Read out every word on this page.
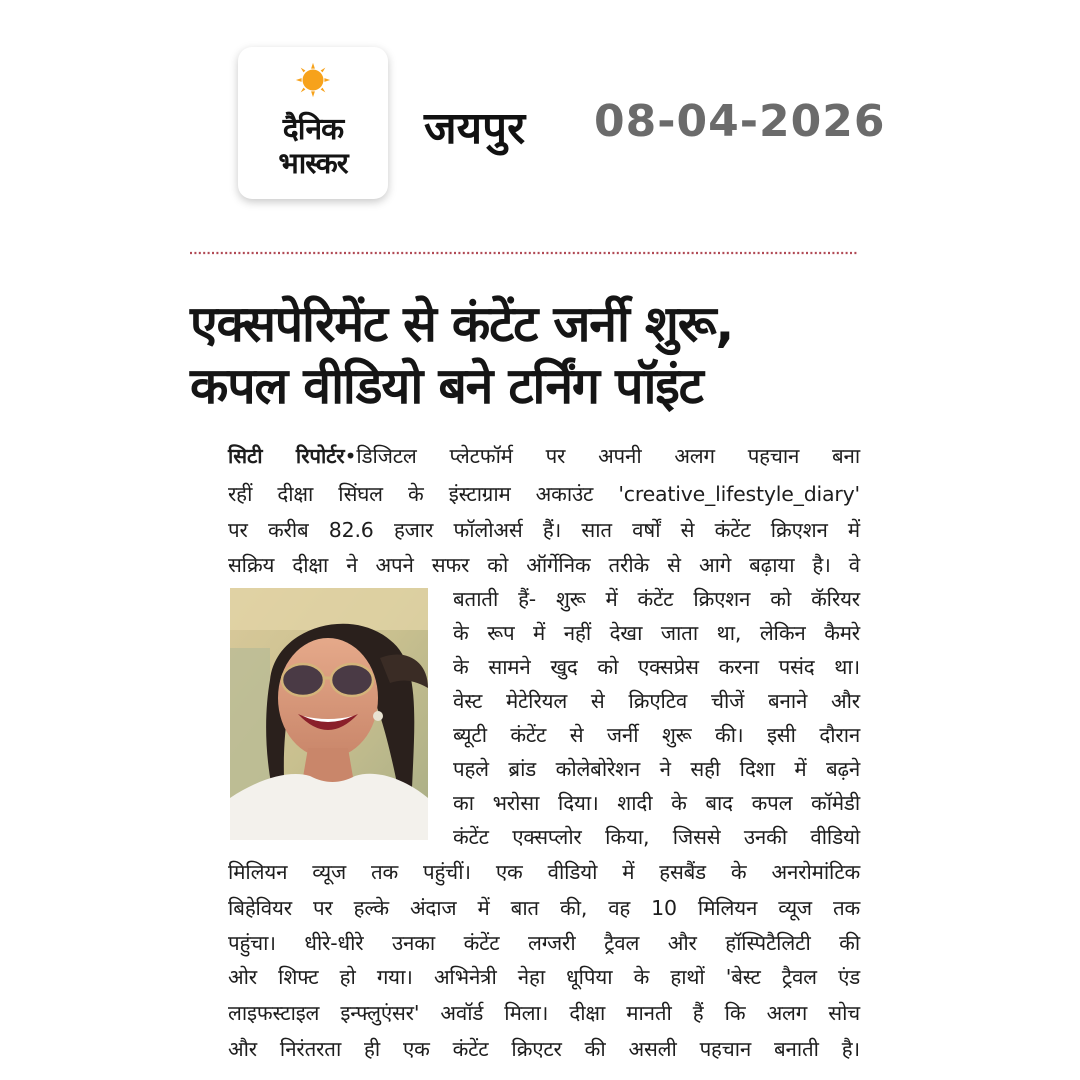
दैनिक
भास्कर
जयपुर 08-04-2026
एक्सपेरिमेंट से कंटेंट जर्नी शुरू,
कपल वीडियो बने टर्निंग पॉइंट
सिटी रिपोर्टर•डिजिटल प्लेटफॉर्म पर अपनी अलग पहचान बना
रहीं दीक्षा सिंघल के इंस्टाग्राम अकाउंट 'creative_lifestyle_diary'
पर करीब 82.6 हजार फॉलोअर्स हैं। सात वर्षों से कंटेंट क्रिएशन में
सक्रिय दीक्षा ने अपने सफर को ऑर्गेनिक तरीके से आगे बढ़ाया है। वे
बताती हैं- शुरू में कंटेंट क्रिएशन को कॅरियर
के रूप में नहीं देखा जाता था, लेकिन कैमरे
के सामने खुद को एक्सप्रेस करना पसंद था।
वेस्ट मेटेरियल से क्रिएटिव चीजें बनाने और
ब्यूटी कंटेंट से जर्नी शुरू की। इसी दौरान
पहले ब्रांड कोलेबोरेशन ने सही दिशा में बढ़ने
का भरोसा दिया। शादी के बाद कपल कॉमेडी
कंटेंट एक्सप्लोर किया, जिससे उनकी वीडियो
मिलियन व्यूज तक पहुंचीं। एक वीडियो में हसबैंड के अनरोमांटिक
बिहेवियर पर हल्के अंदाज में बात की, वह 10 मिलियन व्यूज तक
पहुंचा। धीरे-धीरे उनका कंटेंट लग्जरी ट्रैवल और हॉस्पिटैलिटी की
ओर शिफ्ट हो गया। अभिनेत्री नेहा धूपिया के हाथों 'बेस्ट ट्रैवल एंड
लाइफस्टाइल इन्फ्लुएंसर' अवॉर्ड मिला। दीक्षा मानती हैं कि अलग सोच
और निरंतरता ही एक कंटेंट क्रिएटर की असली पहचान बनाती है।
